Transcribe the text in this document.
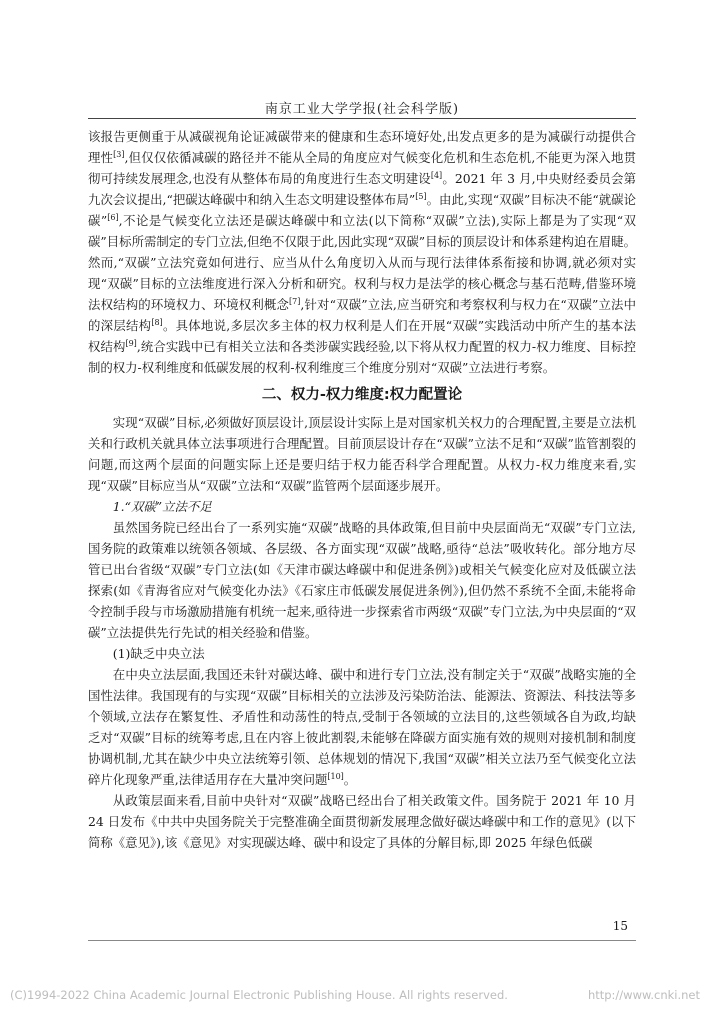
南京工业大学学报(社会科学版)

该报告更侧重于从减碳视角论证减碳带来的健康和生态环境好处,出发点更多的是为减碳行动提供合理性[3],但仅仅依循减碳的路径并不能从全局的角度应对气候变化危机和生态危机,不能更为深入地贯彻可持续发展理念,也没有从整体布局的角度进行生态文明建设[4]。2021 年 3 月,中央财经委员会第九次会议提出,“把碳达峰碳中和纳入生态文明建设整体布局”[5]。由此,实现“双碳”目标决不能“就碳论碳”[6],不论是气候变化立法还是碳达峰碳中和立法(以下简称“双碳”立法),实际上都是为了实现“双碳”目标所需制定的专门立法,但绝不仅限于此,因此实现“双碳”目标的顶层设计和体系建构迫在眉睫。然而,“双碳”立法究竟如何进行、应当从什么角度切入从而与现行法律体系衔接和协调,就必须对实现“双碳”目标的立法维度进行深入分析和研究。权利与权力是法学的核心概念与基石范畴,借鉴环境法权结构的环境权力、环境权利概念[7],针对“双碳”立法,应当研究和考察权利与权力在“双碳”立法中的深层结构[8]。具体地说,多层次多主体的权力权利是人们在开展“双碳”实践活动中所产生的基本法权结构[9],统合实践中已有相关立法和各类涉碳实践经验,以下将从权力配置的权力-权力维度、目标控制的权力-权利维度和低碳发展的权利-权利维度三个维度分别对“双碳”立法进行考察。

二、权力-权力维度:权力配置论

实现“双碳”目标,必须做好顶层设计,顶层设计实际上是对国家机关权力的合理配置,主要是立法机关和行政机关就具体立法事项进行合理配置。目前顶层设计存在“双碳”立法不足和“双碳”监管割裂的问题,而这两个层面的问题实际上还是要归结于权力能否科学合理配置。从权力-权力维度来看,实现“双碳”目标应当从“双碳”立法和“双碳”监管两个层面逐步展开。

1.“双碳”立法不足

虽然国务院已经出台了一系列实施“双碳”战略的具体政策,但目前中央层面尚无“双碳”专门立法,国务院的政策难以统领各领域、各层级、各方面实现“双碳”战略,亟待“总法”吸收转化。部分地方尽管已出台省级“双碳”专门立法(如《天津市碳达峰碳中和促进条例》)或相关气候变化应对及低碳立法探索(如《青海省应对气候变化办法》《石家庄市低碳发展促进条例》),但仍然不系统不全面,未能将命令控制手段与市场激励措施有机统一起来,亟待进一步探索省市两级“双碳”专门立法,为中央层面的“双碳”立法提供先行先试的相关经验和借鉴。

(1)缺乏中央立法

在中央立法层面,我国还未针对碳达峰、碳中和进行专门立法,没有制定关于“双碳”战略实施的全国性法律。我国现有的与实现“双碳”目标相关的立法涉及污染防治法、能源法、资源法、科技法等多个领域,立法存在繁复性、矛盾性和动荡性的特点,受制于各领域的立法目的,这些领域各自为政,均缺乏对“双碳”目标的统筹考虑,且在内容上彼此割裂,未能够在降碳方面实施有效的规则对接机制和制度协调机制,尤其在缺少中央立法统筹引领、总体规划的情况下,我国“双碳”相关立法乃至气候变化立法碎片化现象严重,法律适用存在大量冲突问题[10]。

从政策层面来看,目前中央针对“双碳”战略已经出台了相关政策文件。国务院于 2021 年 10 月 24 日发布《中共中央国务院关于完整准确全面贯彻新发展理念做好碳达峰碳中和工作的意见》(以下简称《意见》),该《意见》对实现碳达峰、碳中和设定了具体的分解目标,即 2025 年绿色低碳

15
(C)1994-2022 China Academic Journal Electronic Publishing House. All rights reserved.	http://www.cnki.net
